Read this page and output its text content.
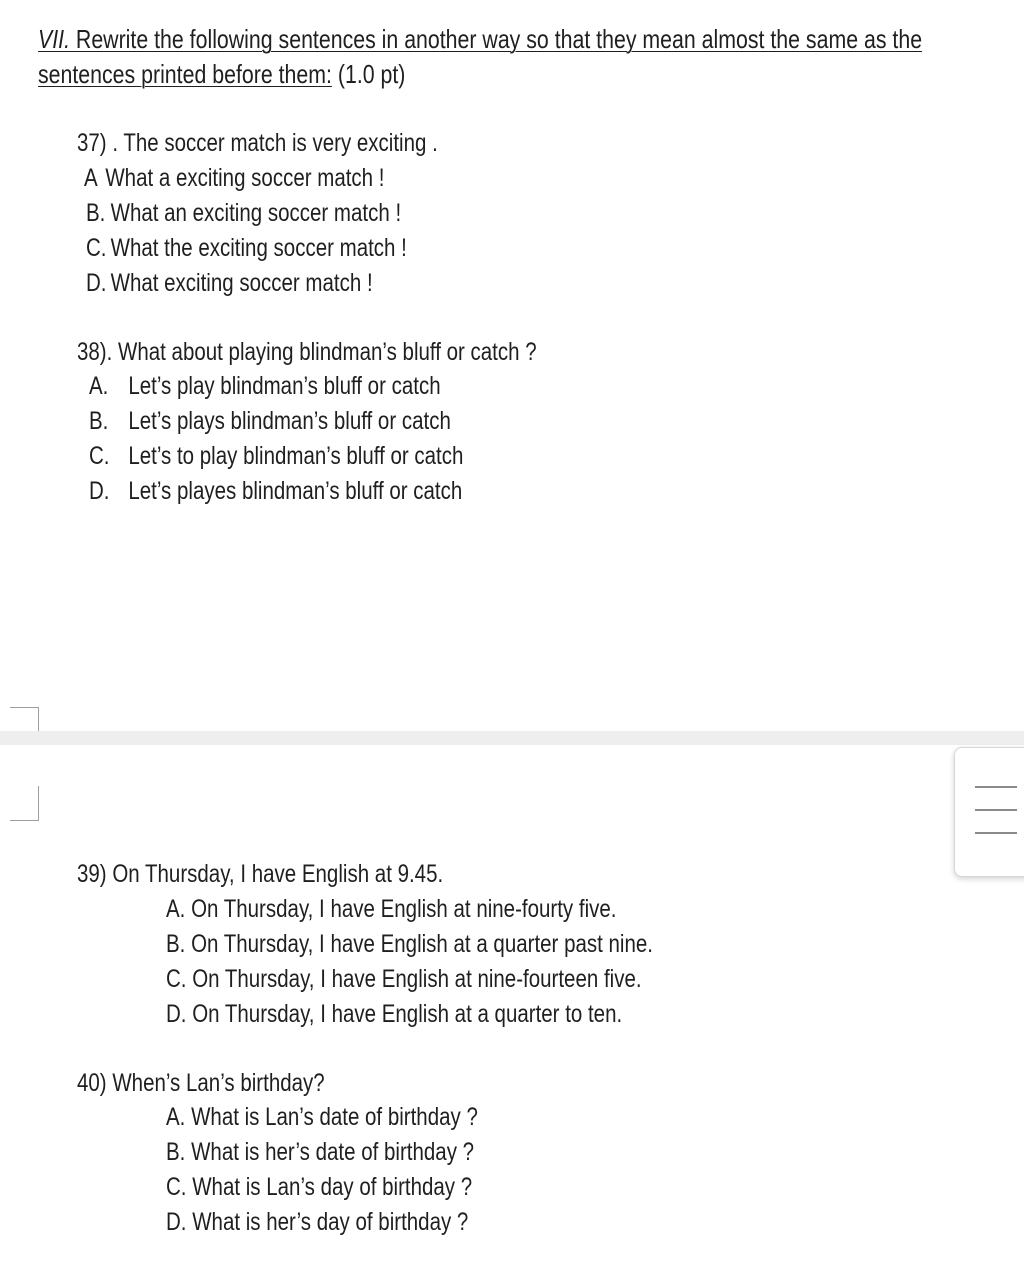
VII. Rewrite the following sentences in another way so that they mean almost the same as the
sentences printed before them: (1.0 pt)
37) . The soccer match is very exciting .
A What a exciting soccer match !
B. What an exciting soccer match !
C. What the exciting soccer match !
D. What exciting soccer match !
38). What about playing blindman’s bluff or catch ?
A. Let’s play blindman’s bluff or catch
B. Let’s plays blindman’s bluff or catch
C. Let’s to play blindman’s bluff or catch
D. Let’s playes blindman’s bluff or catch
39) On Thursday, I have English at 9.45.
A. On Thursday, I have English at nine-fourty five.
B. On Thursday, I have English at a quarter past nine.
C. On Thursday, I have English at nine-fourteen five.
D. On Thursday, I have English at a quarter to ten.
40) When’s Lan’s birthday?
A. What is Lan’s date of birthday ?
B. What is her’s date of birthday ?
C. What is Lan’s day of birthday ?
D. What is her’s day of birthday ?
